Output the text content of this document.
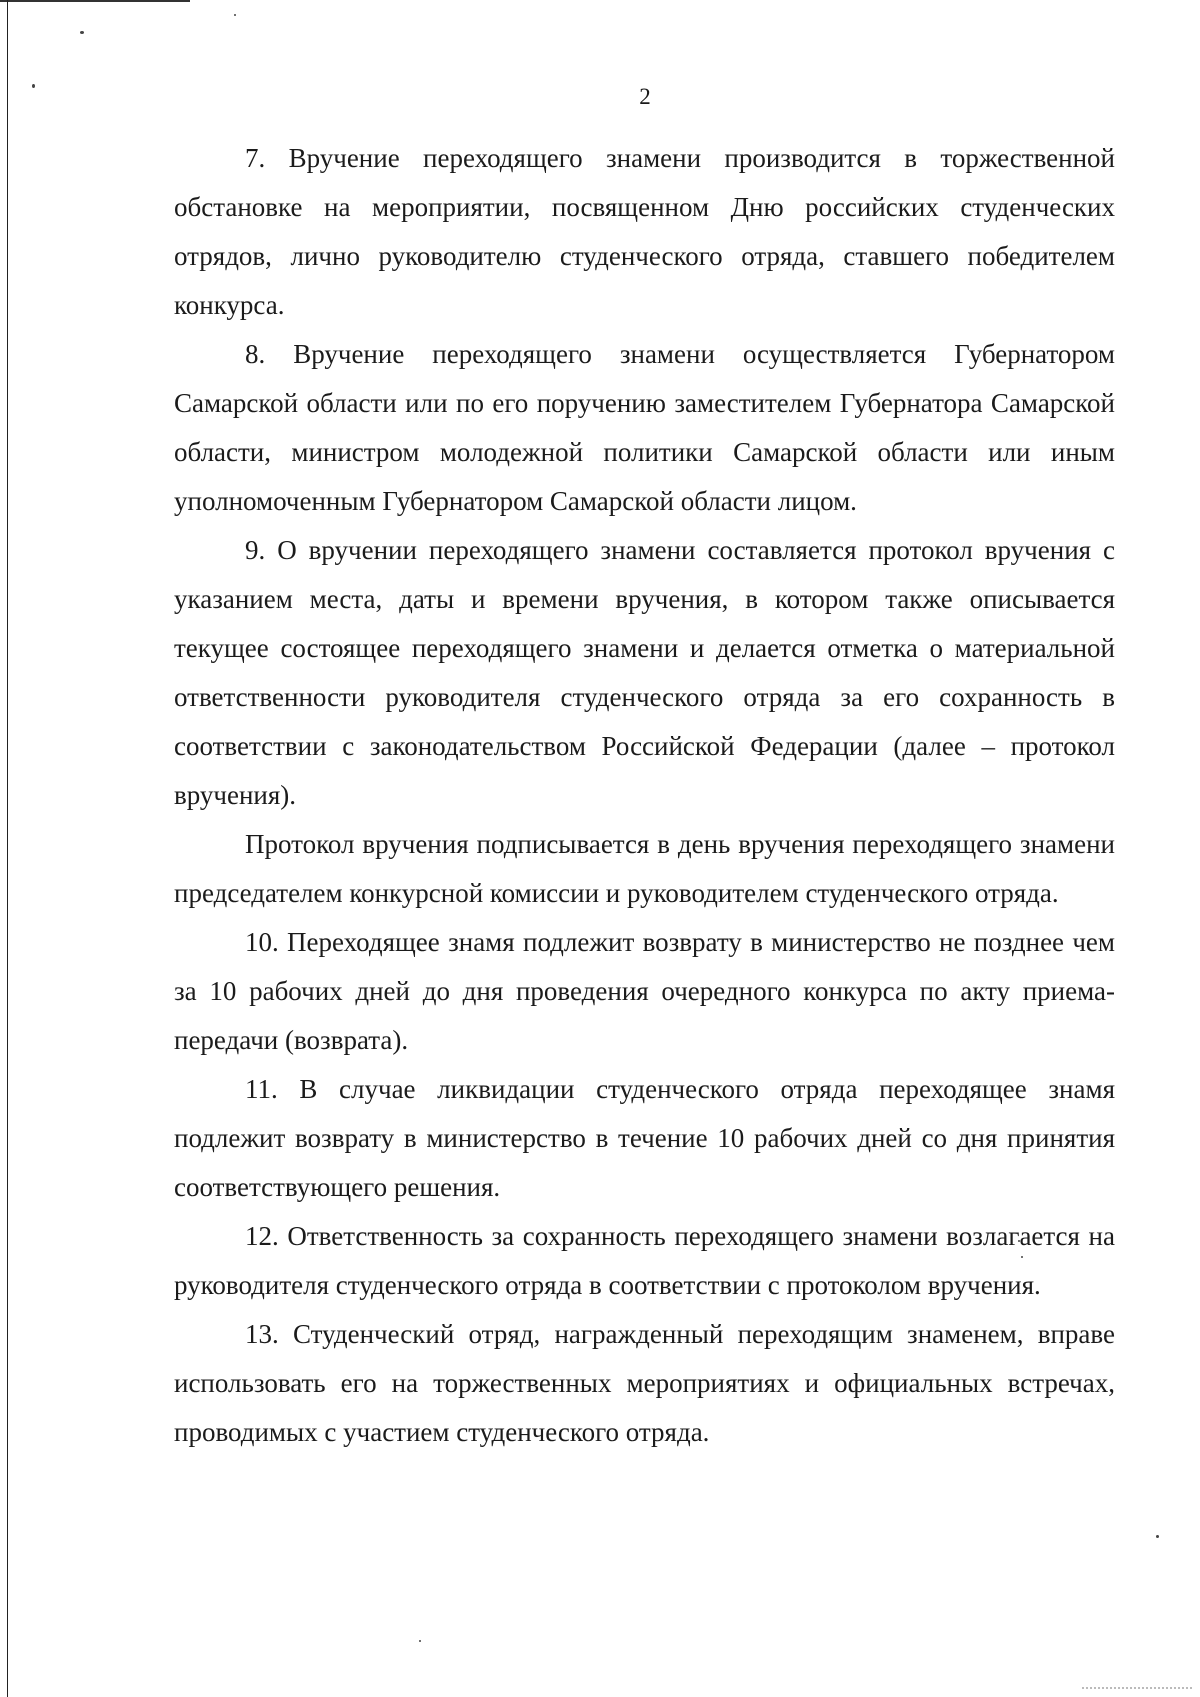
2

7. Вручение переходящего знамени производится в торжественной обстановке на мероприятии, посвященном Дню российских студенческих отрядов, лично руководителю студенческого отряда, ставшего победителем конкурса.

8. Вручение переходящего знамени осуществляется Губернатором Самарской области или по его поручению заместителем Губернатора Самарской области, министром молодежной политики Самарской области или иным уполномоченным Губернатором Самарской области лицом.

9. О вручении переходящего знамени составляется протокол вручения с указанием места, даты и времени вручения, в котором также описывается текущее состоящее переходящего знамени и делается отметка о материальной ответственности руководителя студенческого отряда за его сохранность в соответствии с законодательством Российской Федерации (далее – протокол вручения).

Протокол вручения подписывается в день вручения переходящего знамени председателем конкурсной комиссии и руководителем студенческого отряда.

10. Переходящее знамя подлежит возврату в министерство не позднее чем за 10 рабочих дней до дня проведения очередного конкурса по акту приема-передачи (возврата).

11. В случае ликвидации студенческого отряда переходящее знамя подлежит возврату в министерство в течение 10 рабочих дней со дня принятия соответствующего решения.

12. Ответственность за сохранность переходящего знамени возлагается на руководителя студенческого отряда в соответствии с протоколом вручения.

13. Студенческий отряд, награжденный переходящим знаменем, вправе использовать его на торжественных мероприятиях и официальных встречах, проводимых с участием студенческого отряда.
